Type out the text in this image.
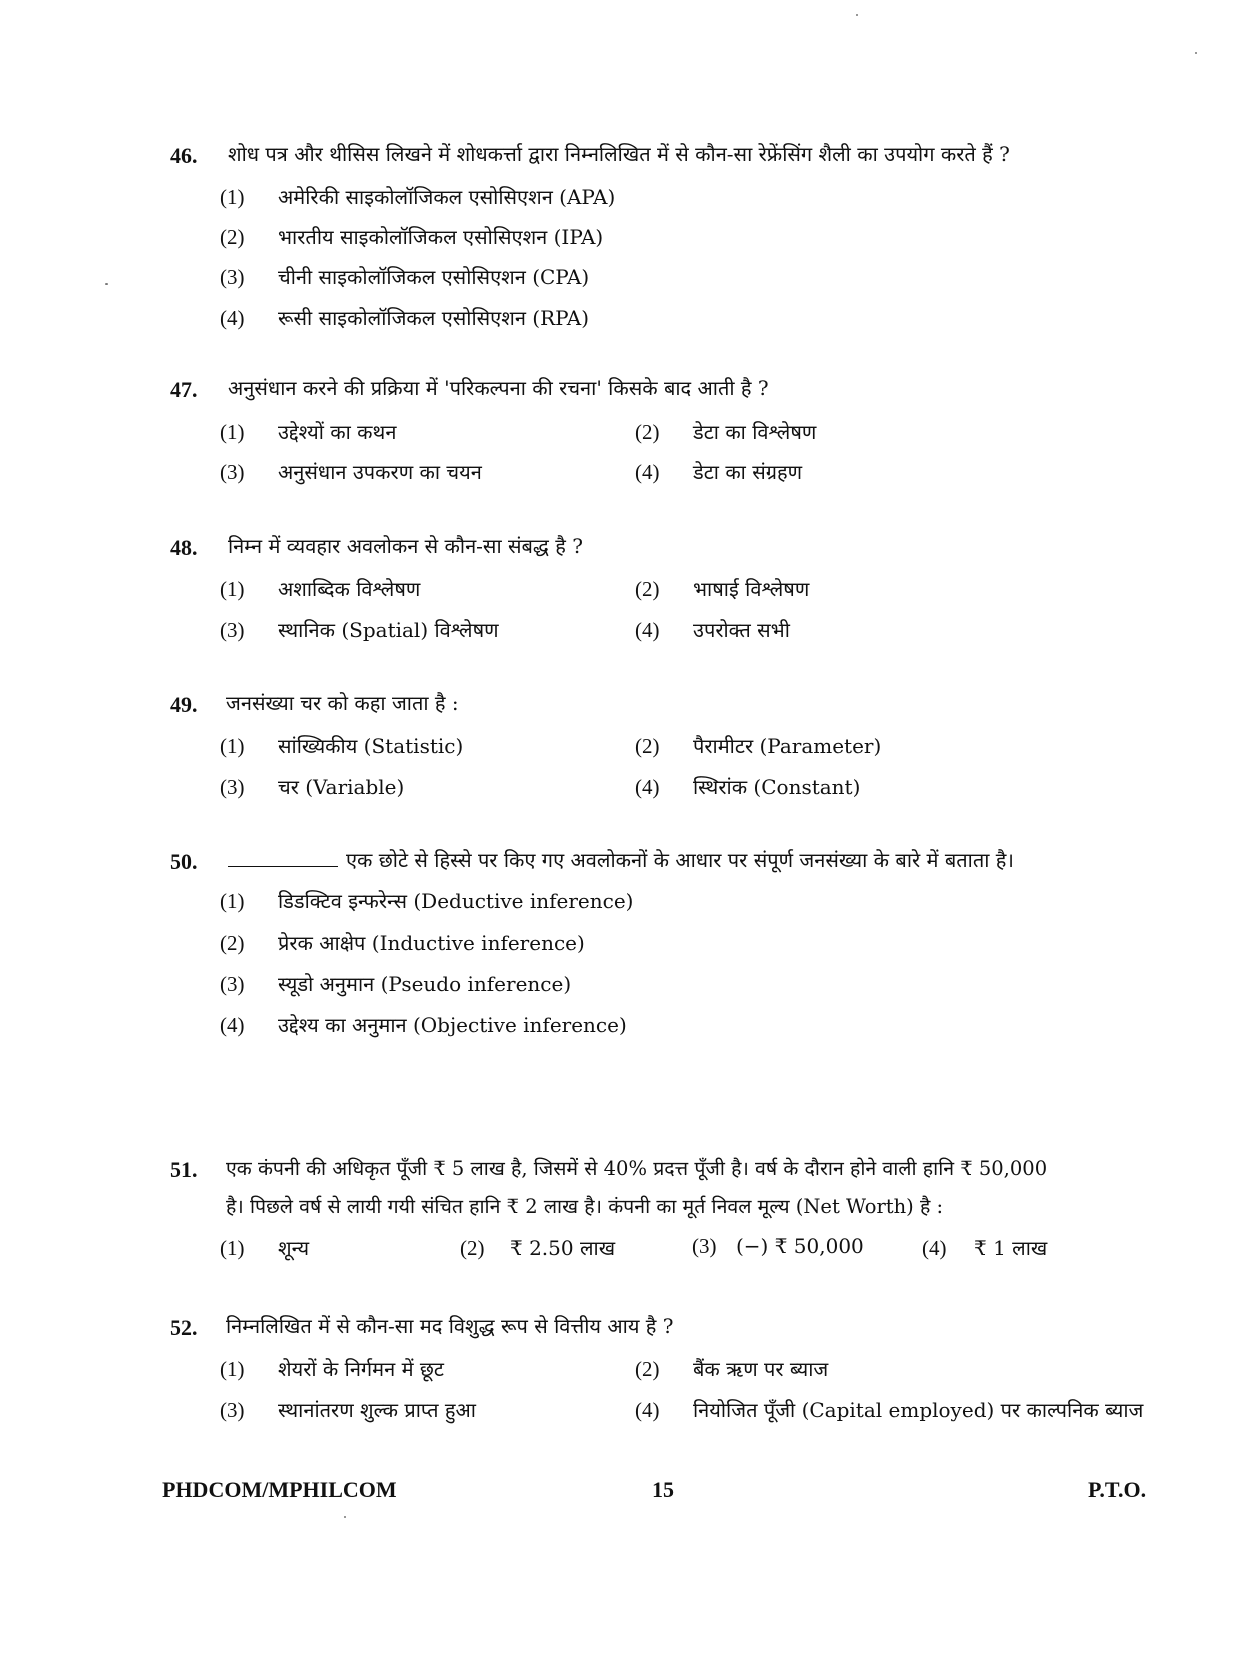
46. शोध पत्र और थीसिस लिखने में शोधकर्त्ता द्वारा निम्नलिखित में से कौन-सा रेफ्रेंसिंग शैली का उपयोग करते हैं ?
(1) अमेरिकी साइकोलॉजिकल एसोसिएशन (APA)
(2) भारतीय साइकोलॉजिकल एसोसिएशन (IPA)
(3) चीनी साइकोलॉजिकल एसोसिएशन (CPA)
(4) रूसी साइकोलॉजिकल एसोसिएशन (RPA)
47. अनुसंधान करने की प्रक्रिया में 'परिकल्पना की रचना' किसके बाद आती है ?
(1) उद्देश्यों का कथन	(2) डेटा का विश्लेषण
(3) अनुसंधान उपकरण का चयन	(4) डेटा का संग्रहण
48. निम्न में व्यवहार अवलोकन से कौन-सा संबद्ध है ?
(1) अशाब्दिक विश्लेषण	(2) भाषाई विश्लेषण
(3) स्थानिक (Spatial) विश्लेषण	(4) उपरोक्त सभी
49. जनसंख्या चर को कहा जाता है :
(1) सांख्यिकीय (Statistic)	(2) पैरामीटर (Parameter)
(3) चर (Variable)	(4) स्थिरांक (Constant)
50.	एक छोटे से हिस्से पर किए गए अवलोकनों के आधार पर संपूर्ण जनसंख्या के बारे में बताता है।
(1) डिडक्टिव इन्फरेन्स (Deductive inference)
(2) प्रेरक आक्षेप (Inductive inference)
(3) स्यूडो अनुमान (Pseudo inference)
(4) उद्देश्य का अनुमान (Objective inference)
51. एक कंपनी की अधिकृत पूँजी ₹ 5 लाख है, जिसमें से 40% प्रदत्त पूँजी है। वर्ष के दौरान होने वाली हानि ₹ 50,000
है। पिछले वर्ष से लायी गयी संचित हानि ₹ 2 लाख है। कंपनी का मूर्त निवल मूल्य (Net Worth) है :
(1) शून्य	(2) ₹ 2.50 लाख	(3) (−) ₹ 50,000	(4) ₹ 1 लाख
52. निम्नलिखित में से कौन-सा मद विशुद्ध रूप से वित्तीय आय है ?
(1) शेयरों के निर्गमन में छूट	(2) बैंक ऋण पर ब्याज
(3) स्थानांतरण शुल्क प्राप्त हुआ	(4) नियोजित पूँजी (Capital employed) पर काल्पनिक ब्याज
PHDCOM/MPHILCOM	15	P.T.O.
